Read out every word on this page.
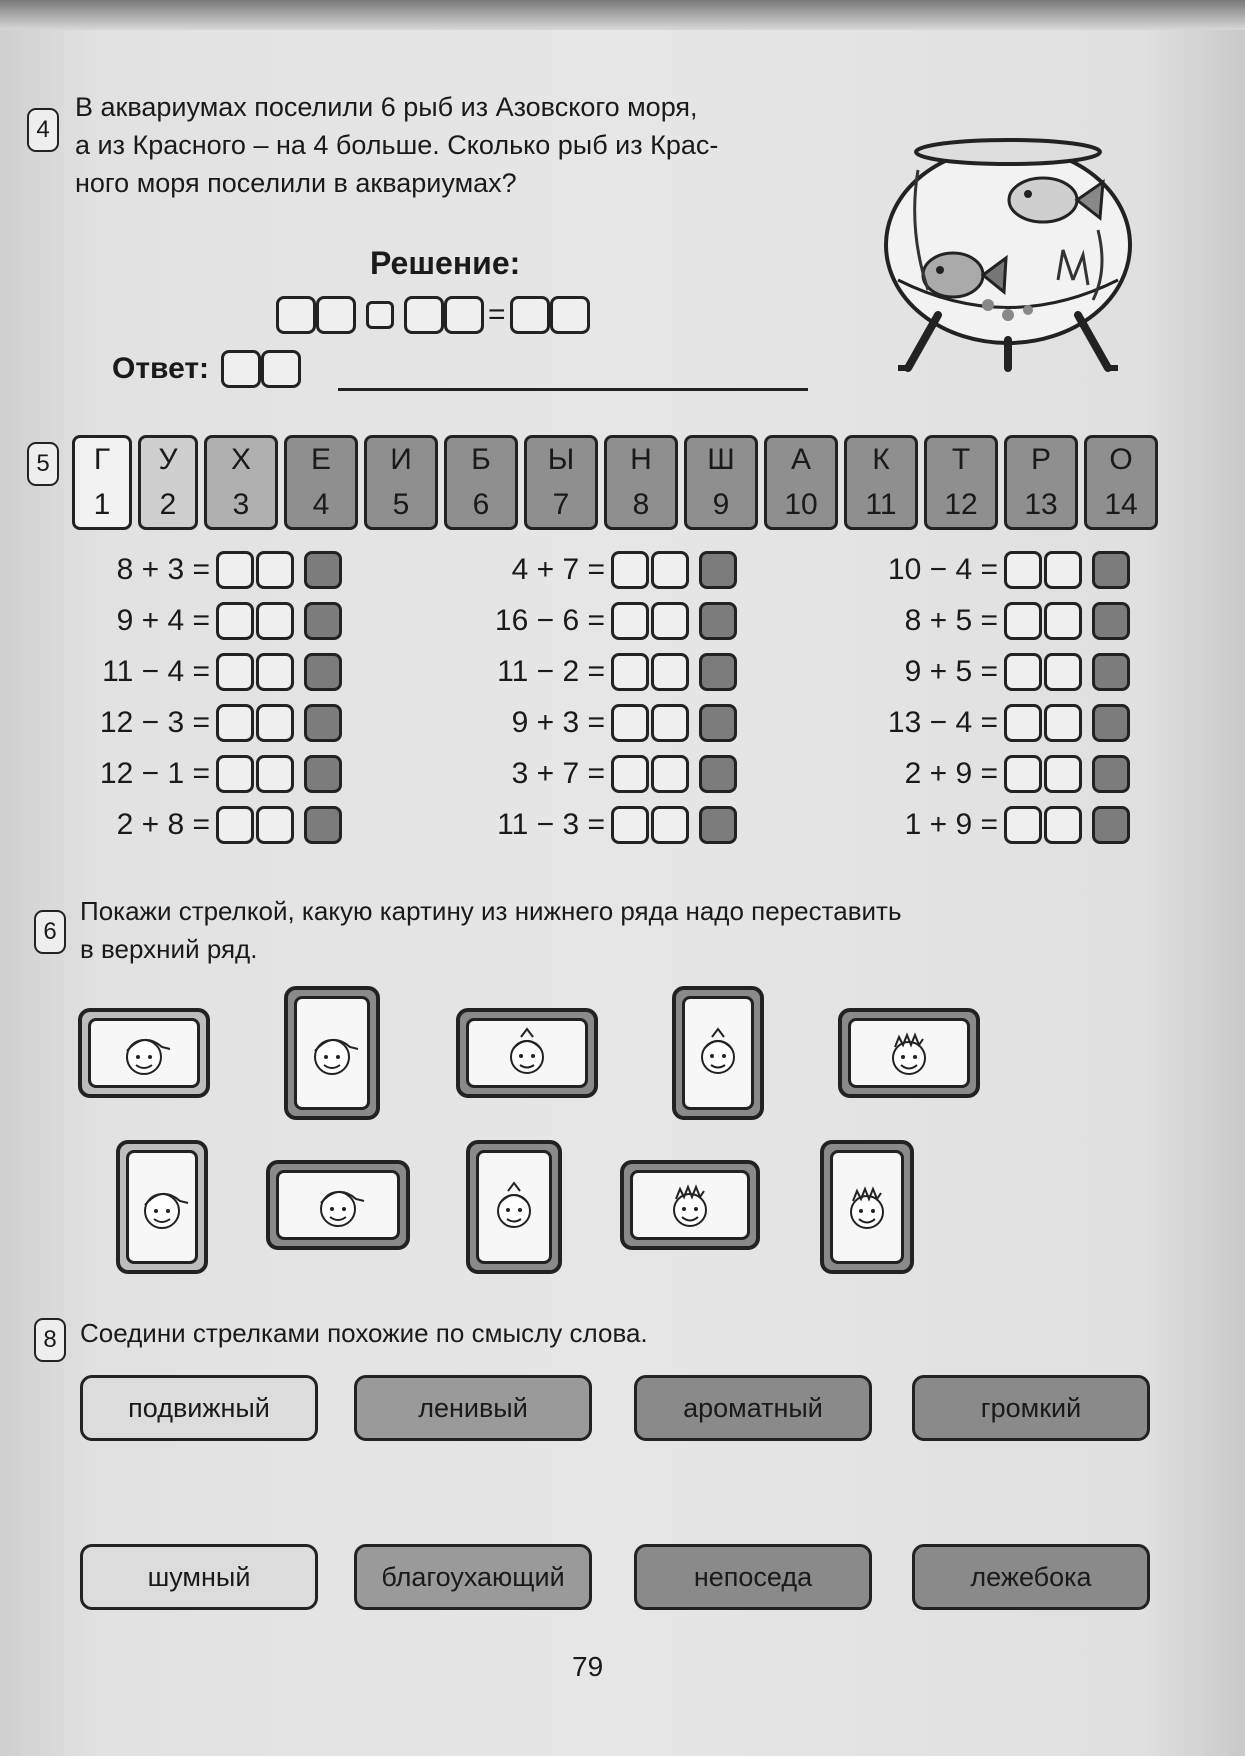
4
В аквариумах поселили 6 рыб из Азовского моря,
а из Красного – на 4 больше. Сколько рыб из Крас-
ного моря поселили в аквариумах?
Решение:
=
Ответ:
5	Г
1
У
2
Х
3
Е
4
И
5
Б
6
Ы
7
Н
8
Ш
9
А
10
К
11
Т
12
Р
13
О
14
8 + 3 =
9 + 4 =
11 − 4 =
12 − 3 =
12 − 1 =
2 + 8 =
4 + 7 =
16 − 6 =
11 − 2 =
9 + 3 =
3 + 7 =
11 − 3 =
10 − 4 =
8 + 5 =
9 + 5 =
13 − 4 =
2 + 9 =
1 + 9 =
6
Покажи стрелкой, какую картину из нижнего ряда надо переставить
в верхний ряд.
8 Соедини стрелками похожие по смыслу слова.
подвижный	ленивый	ароматный	громкий
шумный	благоухающий	непоседа	лежебока
79
